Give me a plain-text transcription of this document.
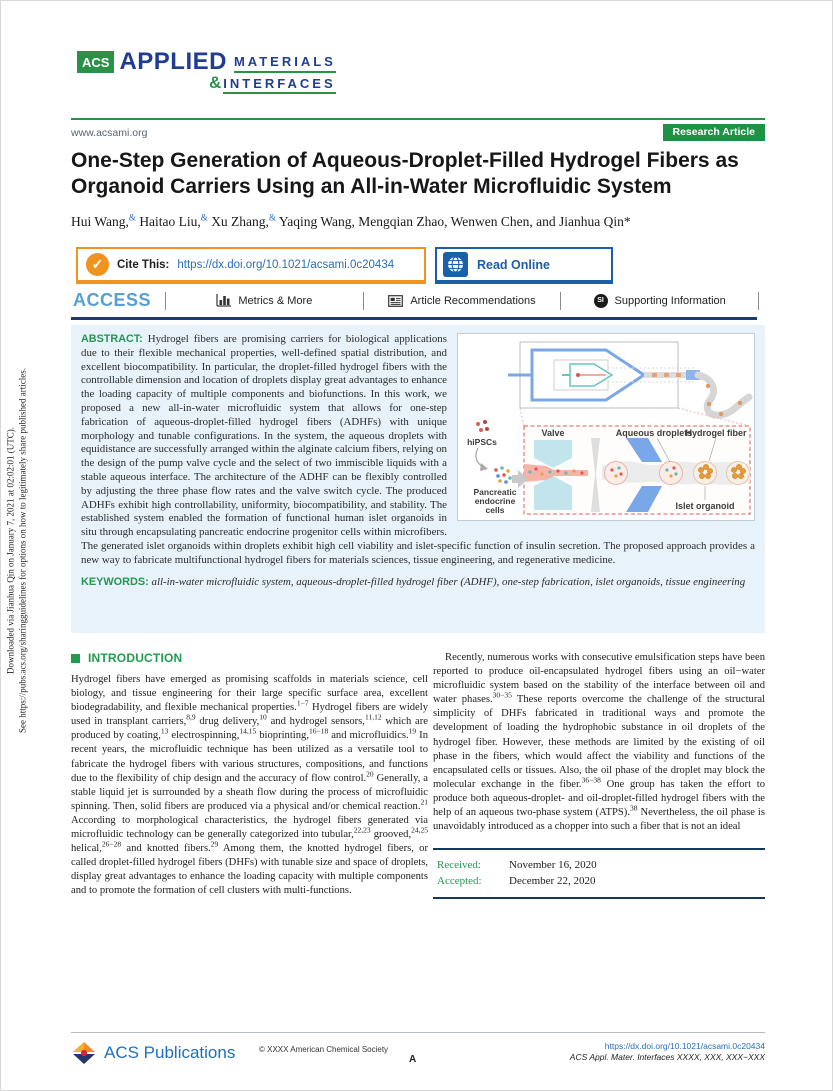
Downloaded via Jianhua Qin on January 7, 2021 at 02:02:01 (UTC). See https://pubs.acs.org/sharingguidelines for options on how to legitimately share published articles.
ACS APPLIED MATERIALS
& INTERFACES
www.acsami.org	Research Article
One-Step Generation of Aqueous-Droplet-Filled Hydrogel Fibers as Organoid Carriers Using an All-in-Water Microfluidic System
Hui Wang,& Haitao Liu,& Xu Zhang,& Yaqing Wang, Mengqian Zhao, Wenwen Chen, and Jianhua Qin*
✓	Cite This: https://dx.doi.org/10.1021/acsami.0c20434	Read Online
ACCESS	Metrics & More	Article Recommendations	SI Supporting Information
Valve	Aqueous droplets
Hydrogel fiber
Islet organoid
hiPSCs
Pancreatic
endocrine
cells

ABSTRACT: Hydrogel fibers are promising carriers for biological applications due to their flexible mechanical properties, well-defined spatial distribution, and excellent biocompatibility. In particular, the droplet-filled hydrogel fibers with the controllable dimension and location of droplets display great advantages to enhance the loading capacity of multiple components and biofunctions. In this work, we proposed a new all-in-water microfluidic system that allows for one-step fabrication of aqueous-droplet-filled hydrogel fibers (ADHFs) with unique morphology and tunable configurations. In the system, the aqueous droplets with equidistance are successfully arranged within the alginate calcium fibers, relying on the design of the pump valve cycle and the select of two immiscible liquids with a stable aqueous interface. The architecture of the ADHF can be flexibly controlled by adjusting the three phase flow rates and the valve switch cycle. The produced ADHFs exhibit high controllability, uniformity, biocompatibility, and stability. The established system enabled the formation of functional human islet organoids in situ through encapsulating pancreatic endocrine progenitor cells within microfibers. The generated islet organoids within droplets exhibit high cell viability and islet-specific function of insulin secretion. The proposed approach provides a new way to fabricate multifunctional hydrogel fibers for materials sciences, tissue engineering, and regenerative medicine.

KEYWORDS: all-in-water microfluidic system, aqueous-droplet-filled hydrogel fiber (ADHF), one-step fabrication, islet organoids, tissue engineering

INTRODUCTION

Hydrogel fibers have emerged as promising scaffolds in materials science, cell biology, and tissue engineering for their large specific surface area, excellent biodegradability, and flexible mechanical properties.$^{1-7}$ Hydrogel fibers are widely used in transplant carriers,$^{8,9}$ drug delivery,$^{10}$ and hydrogel sensors,$^{11,12}$ which are produced by coating,$^{13}$ electrospinning,$^{14,15}$ bioprinting,$^{16-18}$ and microfluidics.$^{19}$ In recent years, the microfluidic technique has been utilized as a versatile tool to fabricate the hydrogel fibers with various structures, compositions, and functions due to the flexibility of chip design and the accuracy of flow control.$^{20}$ Generally, a stable liquid jet is surrounded by a sheath flow during the process of microfluidic spinning. Then, solid fibers are produced via a physical and/or chemical reaction.$^{21}$ According to morphological characteristics, the hydrogel fibers generated via microfluidic technology can be generally categorized into tubular,$^{22,23}$ grooved,$^{24,25}$ helical,$^{26-28}$ and knotted fibers.$^{29}$ Among them, the knotted hydrogel fibers, or called droplet-filled hydrogel fibers (DHFs) with tunable size and space of droplets, display great advantages to enhance the loading capacity with multiple components and to promote the formation of cell clusters with multi-functions.

Recently, numerous works with consecutive emulsification steps have been reported to produce oil-encapsulated hydrogel fibers using an oil−water microfluidic system based on the stability of the interface between oil and water phases.$^{30-35}$ These reports overcome the challenge of the structural simplicity of DHFs fabricated in traditional ways and promote the development of loading the hydrophobic substance in oil droplets of the hydrogel fiber. However, these methods are limited by the existing of oil phase in the fibers, which would affect the viability and functions of the encapsulated cells or tissues. Also, the oil phase of the droplet may block the molecular exchange in the fiber.$^{36-38}$ One group has taken the effort to produce both aqueous-droplet- and oil-droplet-filled hydrogel fibers with the help of an aqueous two-phase system (ATPS).$^{38}$ Nevertheless, the oil phase is unavoidably introduced as a chopper into such a fiber that is not an ideal

Received:	November 16, 2020
Accepted:	December 22, 2020
ACS Publications	© XXXX American Chemical Society
A
https://dx.doi.org/10.1021/acsami.0c20434
ACS Appl. Mater. Interfaces XXXX, XXX, XXX−XXX
